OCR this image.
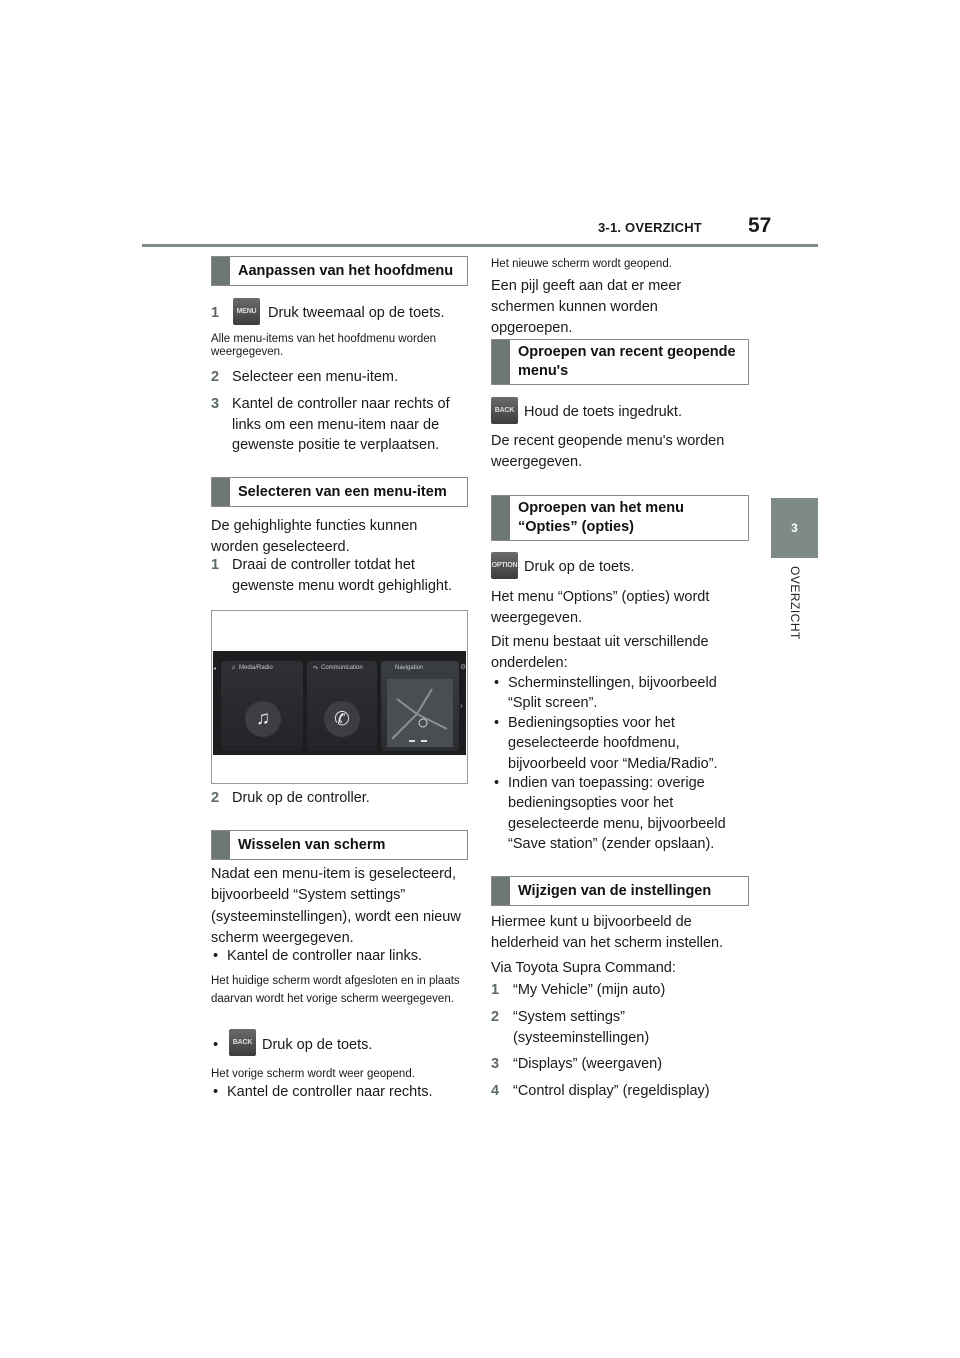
3-1. OVERZICHT 57
3
OVERZICHT
Aanpassen van het hoofdmenu
1	MENU Druk tweemaal op de toets.
Alle menu-items van het hoofdmenu worden weergegeven.
2 Selecteer een menu-item.
3 Kantel de controller naar rechts of links om een menu-item naar de gewenste positie te verplaatsen.
Selecteren van een menu-item
De gehighlighte functies kunnen worden geselecteerd.
1 Draai de controller totdat het gewenste menu wordt gehighlight.
♫ Media/Radio
♫
↷ Communication
✆
Navigation
›
⚙
◂
2 Druk op de controller.
Wisselen van scherm
Nadat een menu-item is geselecteerd, bijvoorbeeld “System settings” (systeeminstellingen), wordt een nieuw scherm weergegeven.
• Kantel de controller naar links.
Het huidige scherm wordt afgesloten en in plaats daarvan wordt het vorige scherm weergegeven.
•	BACK Druk op de toets.
Het vorige scherm wordt weer geopend.
• Kantel de controller naar rechts.
Het nieuwe scherm wordt geopend.
Een pijl geeft aan dat er meer schermen kunnen worden opgeroepen.
Oproepen van recent geopende menu's
BACK Houd de toets ingedrukt.
De recent geopende menu's worden weergegeven.
Oproepen van het menu “Opties” (opties)
OPTION Druk op de toets.
Het menu “Options” (opties) wordt weergegeven.
Dit menu bestaat uit verschillende onderdelen:
• Scherminstellingen, bijvoorbeeld “Split screen”.
• Bedieningsopties voor het geselecteerde hoofdmenu, bijvoorbeeld voor “Media/Radio”.
• Indien van toepassing: overige bedieningsopties voor het geselecteerde menu, bijvoorbeeld “Save station” (zender opslaan).
Wijzigen van de instellingen
Hiermee kunt u bijvoorbeeld de helderheid van het scherm instellen.
Via Toyota Supra Command:
1 “My Vehicle” (mijn auto)
2 “System settings” (systeeminstellingen)
3 “Displays” (weergaven)
4 “Control display” (regeldisplay)
